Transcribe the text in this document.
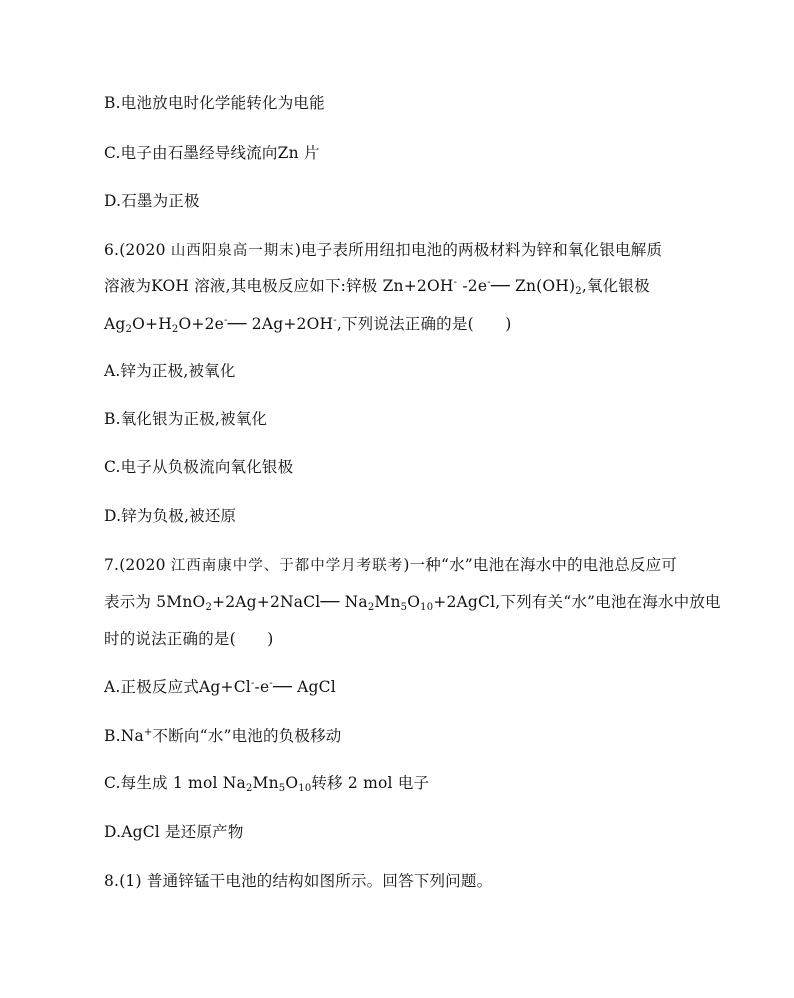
B.电池放电时化学能转化为电能
C.电子由石墨经导线流向Zn 片
D.石墨为正极
6.(2020 山西阳泉高一期末)电子表所用纽扣电池的两极材料为锌和氧化银电解质
溶液为KOH 溶液,其电极反应如下:锌极 Zn+2OH- -2e-── $Zn(OH)_2$,氧化银极
$Ag_2O+H_2O+2e^-──$ 2Ag+2OH-,下列说法正确的是(　　)
A.锌为正极,被氧化
B.氧化银为正极,被氧化
C.电子从负极流向氧化银极
D.锌为负极,被还原
7.(2020 江西南康中学、于都中学月考联考)一种“水”电池在海水中的电池总反应可
表示为 5MnO$_2$+2Ag+2NaCl── $Na_2Mn_5O_{10}+2AgCl$,下列有关“水”电池在海水中放电
时的说法正确的是(　　)
A.正极反应式Ag+Cl--e-── AgCl
B.Na+不断向“水”电池的负极移动
C.每生成 1 mol $Na_2Mn_5O_{10}$转移 2 mol 电子
D.AgCl 是还原产物
8.(1) 普通锌锰干电池的结构如图所示。回答下列问题。
